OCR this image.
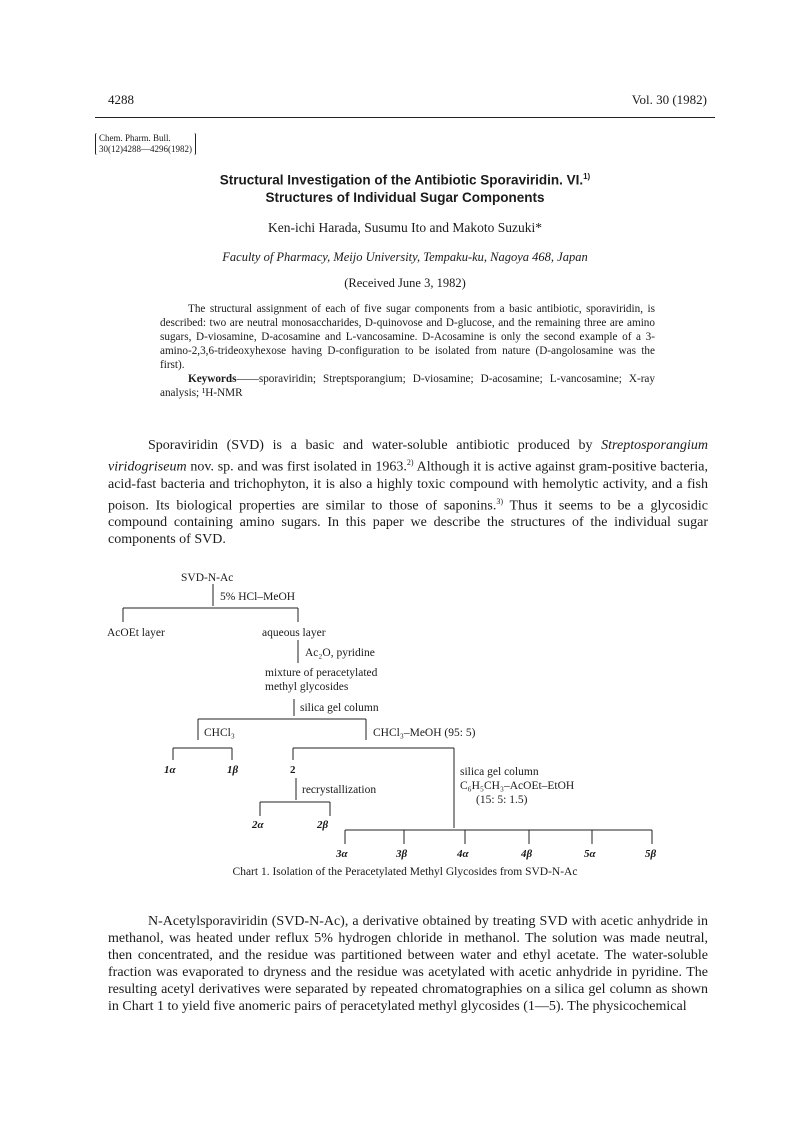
4288	Vol. 30 (1982)
Chem. Pharm. Bull.
30(12)4288—4296(1982)
Structural Investigation of the Antibiotic Sporaviridin. VI.$^{1)}$
Structures of Individual Sugar Components
Ken-ichi Harada, Susumu Ito and Makoto Suzuki*
Faculty of Pharmacy, Meijo University, Tempaku-ku, Nagoya 468, Japan
(Received June 3, 1982)

The structural assignment of each of five sugar components from a basic antibiotic, sporaviridin, is described: two are neutral monosaccharides, D-quinovose and D-glucose, and the remaining three are amino sugars, D-viosamine, D-acosamine and L-vancosamine. D-Acosamine is only the second example of a 3-amino-2,3,6-trideoxyhexose having D-configuration to be isolated from nature (D-angolosamine was the first).

Keywords——sporaviridin; Streptsporangium; D-viosamine; D-acosamine; L-vancosamine; X-ray analysis; ¹H-NMR

Sporaviridin (SVD) is a basic and water-soluble antibiotic produced by Streptosporangium viridogriseum nov. sp. and was first isolated in 1963.$^{2)}$ Although it is active against gram-positive bacteria, acid-fast bacteria and trichophyton, it is also a highly toxic compound with hemolytic activity, and a fish poison. Its biological properties are similar to those of saponins.$^{3)}$ Thus it seems to be a glycosidic compound containing amino sugars. In this paper we describe the structures of the individual sugar components of SVD.

SVD-N-Ac
5% HCl–MeOH
AcOEt layer	aqueous layer
Ac₂O, pyridine
mixture of peracetylated
methyl glycosides
silica gel column
CHCl₃	CHCl₃–MeOH (95: 5)
1α	1β	2
recrystallization
silica gel column
C₆H₅CH₃–AcOEt–EtOH
(15: 5: 1.5)
2α	2β
3α	3β	4α	4β	5α	5β
Chart 1. Isolation of the Peracetylated Methyl Glycosides from SVD-N-Ac

N-Acetylsporaviridin (SVD-N-Ac), a derivative obtained by treating SVD with acetic anhydride in methanol, was heated under reflux 5% hydrogen chloride in methanol. The solution was made neutral, then concentrated, and the residue was partitioned between water and ethyl acetate. The water-soluble fraction was evaporated to dryness and the residue was acetylated with acetic anhydride in pyridine. The resulting acetyl derivatives were separated by repeated chromatographies on a silica gel column as shown in Chart 1 to yield five anomeric pairs of peracetylated methyl glycosides (1—5). The physicochemical
